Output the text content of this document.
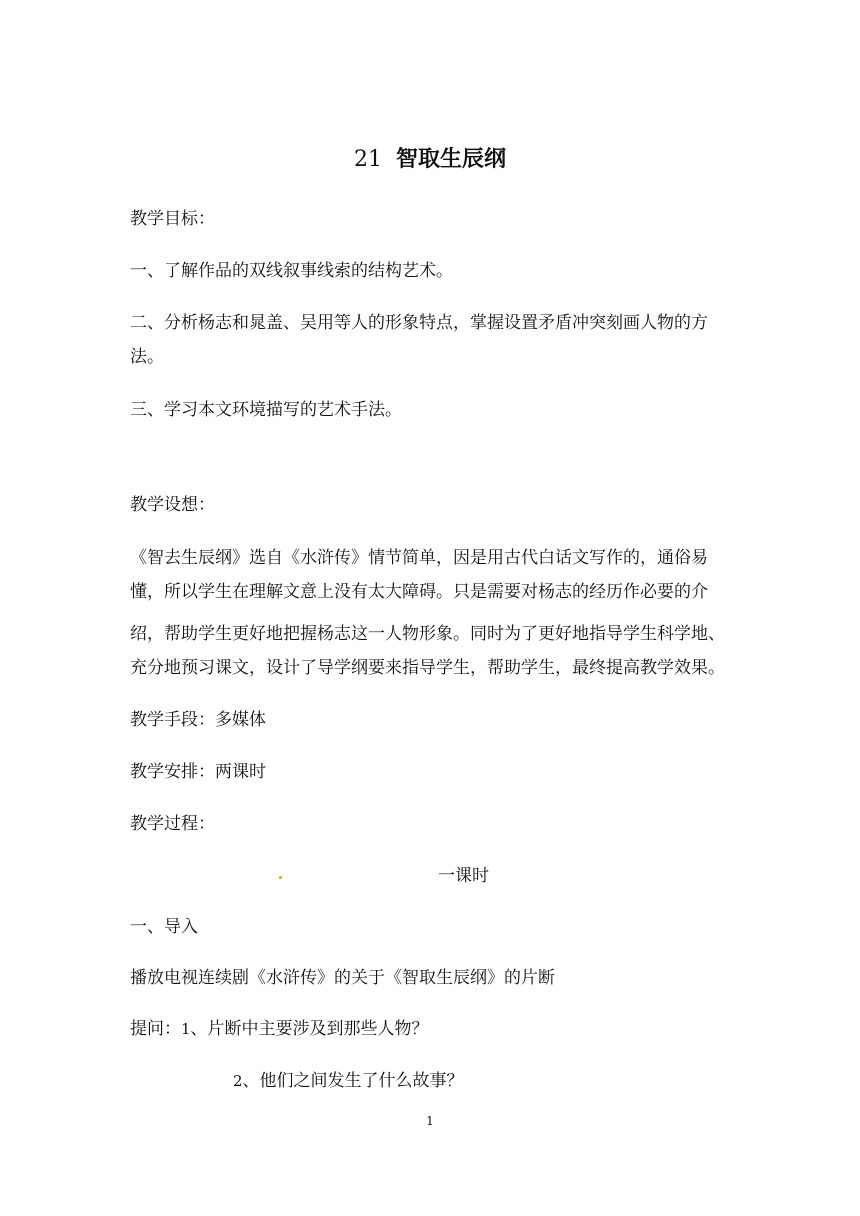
21 智取生辰纲

教学目标：

一、了解作品的双线叙事线索的结构艺术。

二、分析杨志和晁盖、吴用等人的形象特点，掌握设置矛盾冲突刻画人物的方

法。

三、学习本文环境描写的艺术手法。

教学设想：

《智去生辰纲》选自《水浒传》情节简单，因是用古代白话文写作的，通俗易

懂，所以学生在理解文意上没有太大障碍。只是需要对杨志的经历作必要的介

绍，帮助学生更好地把握杨志这一人物形象。同时为了更好地指导学生科学地、

充分地预习课文，设计了导学纲要来指导学生，帮助学生，最终提高教学效果。

教学手段：多媒体

教学安排：两课时

教学过程：

一课时

一、导入

播放电视连续剧《水浒传》的关于《智取生辰纲》的片断

提问：1、片断中主要涉及到那些人物？

2、他们之间发生了什么故事？

1
